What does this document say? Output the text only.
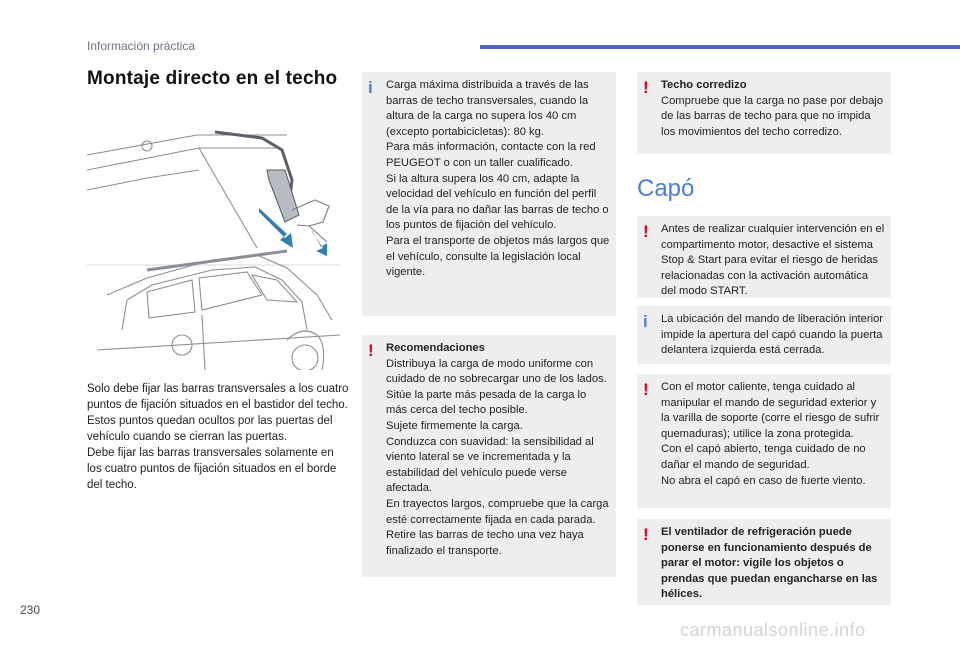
Información práctica
Montaje directo en el techo

Solo debe fijar las barras transversales a los cuatro puntos de fijación situados en el bastidor del techo. Estos puntos quedan ocultos por las puertas del vehículo cuando se cierran las puertas.

Debe fijar las barras transversales solamente en los cuatro puntos de fijación situados en el borde del techo.

i Carga máxima distribuida a través de las barras de techo transversales, cuando la altura de la carga no supera los 40 cm (excepto portabicicletas): 80 kg.

Para más información, contacte con la red PEUGEOT o con un taller cualificado.

Si la altura supera los 40 cm, adapte la velocidad del vehículo en función del perfil de la vía para no dañar las barras de techo o los puntos de fijación del vehículo.

Para el transporte de objetos más largos que el vehículo, consulte la legislación local vigente.

! Recomendaciones

Distribuya la carga de modo uniforme con cuidado de no sobrecargar uno de los lados.

Sitúe la parte más pesada de la carga lo más cerca del techo posible.

Sujete firmemente la carga.

Conduzca con suavidad: la sensibilidad al viento lateral se ve incrementada y la estabilidad del vehículo puede verse afectada.

En trayectos largos, compruebe que la carga esté correctamente fijada en cada parada.

Retire las barras de techo una vez haya finalizado el transporte.

! Techo corredizo

Compruebe que la carga no pase por debajo de las barras de techo para que no impida los movimientos del techo corredizo.

Capó
! Antes de realizar cualquier intervención en el compartimento motor, desactive el sistema Stop & Start para evitar el riesgo de heridas relacionadas con la activación automática del modo START.

i La ubicación del mando de liberación interior impide la apertura del capó cuando la puerta delantera izquierda está cerrada.

! Con el motor caliente, tenga cuidado al manipular el mando de seguridad exterior y la varilla de soporte (corre el riesgo de sufrir quemaduras); utilice la zona protegida.

Con el capó abierto, tenga cuidado de no dañar el mando de seguridad.

No abra el capó en caso de fuerte viento.

! El ventilador de refrigeración puede ponerse en funcionamiento después de parar el motor: vigile los objetos o prendas que puedan engancharse en las hélices.

230
carmanualsonline.info
